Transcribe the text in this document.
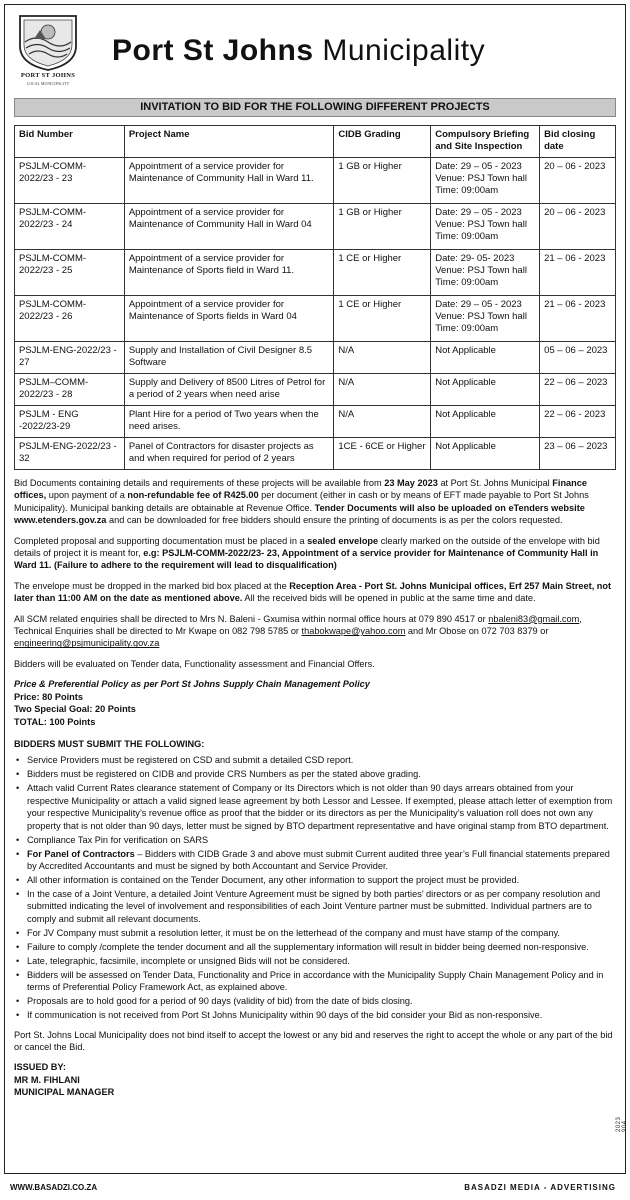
PORT ST JOHNS
LOCAL MUNICIPALITY
Port St Johns Municipality
INVITATION TO BID FOR THE FOLLOWING DIFFERENT PROJECTS
Bid Number	Project Name	CIDB Grading	Compulsory Briefing and Site Inspection	Bid closing date
PSJLM-COMM-2022/23 - 23	Appointment of a service provider for Maintenance of Community Hall in Ward 11.	1 GB or Higher	Date: 29 – 05 - 2023
Venue: PSJ Town hall
Time: 09:00am	20 – 06 - 2023
PSJLM-COMM-2022/23 - 24	Appointment of a service provider for Maintenance of Community Hall in Ward 04	1 GB or Higher	Date: 29 – 05 - 2023
Venue: PSJ Town hall
Time: 09:00am	20 – 06 - 2023
PSJLM-COMM-2022/23 - 25	Appointment of a service provider for Maintenance of Sports field in Ward 11.	1 CE or Higher	Date: 29- 05- 2023
Venue: PSJ Town hall
Time: 09:00am	21 – 06 - 2023
PSJLM-COMM-2022/23 - 26	Appointment of a service provider for Maintenance of Sports fields in Ward 04	1 CE or Higher	Date: 29 – 05 - 2023
Venue: PSJ Town hall
Time: 09:00am	21 – 06 - 2023
PSJLM-ENG-2022/23 - 27	Supply and Installation of Civil Designer 8.5 Software	N/A	Not Applicable	05 – 06 – 2023
PSJLM–COMM-2022/23 - 28	Supply and Delivery of 8500 Litres of Petrol for a period of 2 years when need arise	N/A	Not Applicable	22 – 06 – 2023
PSJLM - ENG -2022/23-29	Plant Hire for a period of Two years when the need arises.	N/A	Not Applicable	22 – 06 - 2023
PSJLM-ENG-2022/23 - 32	Panel of Contractors for disaster projects as and when required for period of 2 years	1CE - 6CE or Higher	Not Applicable	23 – 06 – 2023

Bid Documents containing details and requirements of these projects will be available from 23 May 2023 at Port St. Johns Municipal Finance offices, upon payment of a non-refundable fee of R425.00 per document (either in cash or by means of EFT made payable to Port St Johns Municipality). Municipal banking details are obtainable at Revenue Office. Tender Documents will also be uploaded on eTenders website www.etenders.gov.za and can be downloaded for free bidders should ensure the printing of documents is as per the colors requested.

Completed proposal and supporting documentation must be placed in a sealed envelope clearly marked on the outside of the envelope with bid details of project it is meant for, e.g: PSJLM-COMM-2022/23- 23, Appointment of a service provider for Maintenance of Community Hall in Ward 11. (Failure to adhere to the requirement will lead to disqualification)

The envelope must be dropped in the marked bid box placed at the Reception Area - Port St. Johns Municipal offices, Erf 257 Main Street, not later than 11:00 AM on the date as mentioned above. All the received bids will be opened in public at the same time and date.

All SCM related enquiries shall be directed to Mrs N. Baleni - Gxumisa within normal office hours at 079 890 4517 or nbaleni83@gmail.com, Technical Enquiries shall be directed to Mr Kwape on 082 798 5785 or thabokwape@yahoo.com and Mr Obose on 072 703 8379 or engineering@psjmunicipality.gov.za

Bidders will be evaluated on Tender data, Functionality assessment and Financial Offers.

Price & Preferential Policy as per Port St Johns Supply Chain Management Policy
Price: 80 Points
Two Special Goal: 20 Points
TOTAL: 100 Points
BIDDERS MUST SUBMIT THE FOLLOWING:
• Service Providers must be registered on CSD and submit a detailed CSD report.
• Bidders must be registered on CIDB and provide CRS Numbers as per the stated above grading.
• Attach valid Current Rates clearance statement of Company or Its Directors which is not older than 90 days arrears obtained from your respective Municipality or attach a valid signed lease agreement by both Lessor and Lessee. If exempted, please attach letter of exemption from your respective Municipality’s revenue office as proof that the bidder or its directors as per the Municipality’s valuation roll does not own any property that is not older than 90 days, letter must be signed by BTO department representative and have original stamp from BTO department.
• Compliance Tax Pin for verification on SARS
• For Panel of Contractors – Bidders with CIDB Grade 3 and above must submit Current audited three year’s Full financial statements prepared by Accredited Accountants and must be signed by both Accountant and Service Provider.
• All other information is contained on the Tender Document, any other information to support the project must be provided.
• In the case of a Joint Venture, a detailed Joint Venture Agreement must be signed by both parties’ directors or as per company resolution and submitted indicating the level of involvement and responsibilities of each Joint Venture partner must be submitted. Individual partners are to comply and submit all relevant documents.
• For JV Company must submit a resolution letter, it must be on the letterhead of the company and must have stamp of the company.
• Failure to comply /complete the tender document and all the supplementary information will result in bidder being deemed non-responsive.
• Late, telegraphic, facsimile, incomplete or unsigned Bids will not be considered.
• Bidders will be assessed on Tender Data, Functionality and Price in accordance with the Municipality Supply Chain Management Policy and in terms of Preferential Policy Framework Act, as explained above.
• Proposals are to hold good for a period of 90 days (validity of bid) from the date of bids closing.
• If communication is not received from Port St Johns Municipality within 90 days of the bid consider your Bid as non-responsive.

Port St. Johns Local Municipality does not bind itself to accept the lowest or any bid and reserves the right to accept the whole or any part of the bid or cancel the Bid.

ISSUED BY:
MR M. FIHLANI
MUNICIPAL MANAGER
2023 904
WWW.BASADZI.CO.ZA	BASADZI MEDIA - ADVERTISING
